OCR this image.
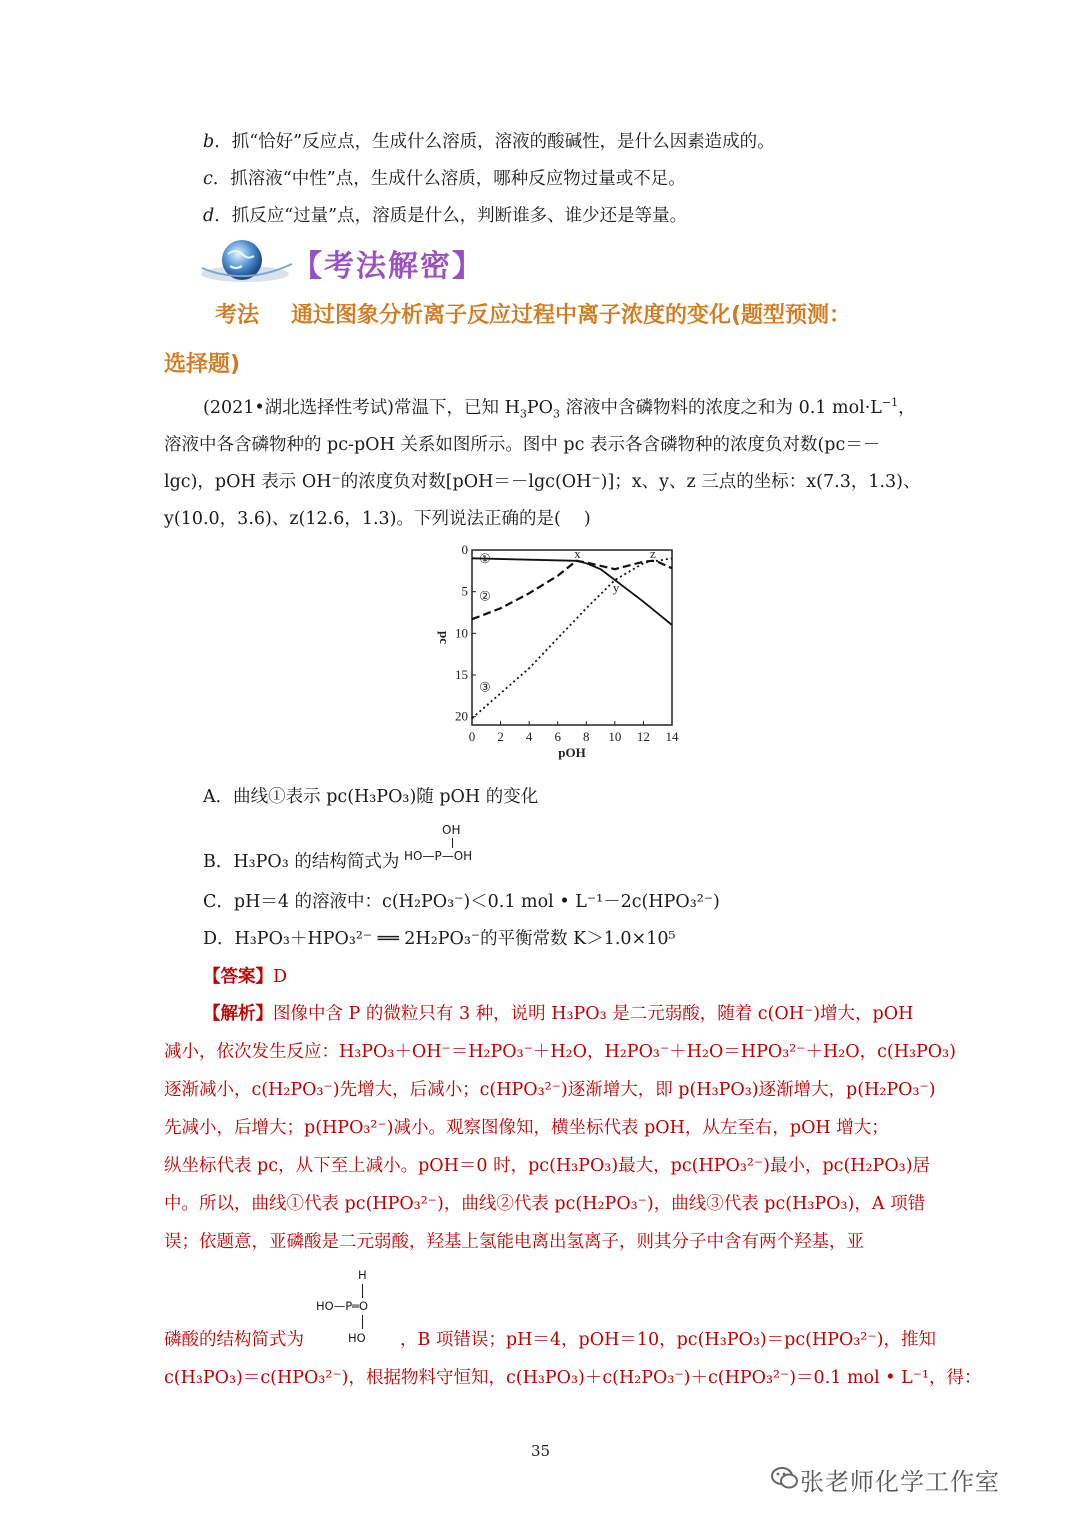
b．抓“恰好”反应点，生成什么溶质，溶液的酸碱性，是什么因素造成的。
c．抓溶液“中性”点，生成什么溶质，哪种反应物过量或不足。
d．抓反应“过量”点，溶质是什么，判断谁多、谁少还是等量。
【考法解密】
考法 通过图象分析离子反应过程中离子浓度的变化(题型预测：
选择题)
(2021•湖北选择性考试)常温下，已知 $H_3PO_3$ 溶液中含磷物料的浓度之和为 0.1 $mol\cdot L^{-1}$，
溶液中各含磷物种的 pc-pOH 关系如图所示。图中 pc 表示各含磷物种的浓度负对数(pc＝－
lgc)，pOH 表示 OH⁻的浓度负对数[pOH＝－lgc(OH⁻)]；x、y、z 三点的坐标：x(7.3，1.3)、
y(10.0，3.6)、z(12.6，1.3)。下列说法正确的是(　 )
0 2 4 6 8 10 12 14
0
5
10
15
20
pOH
pc
①
②
③
x
y
z
A．曲线①表示 pc(H₃PO₃)随 pOH 的变化
OH
B．H₃PO₃ 的结构简式为 HO—P—OH
C．pH＝4 的溶液中：c(H₂PO₃⁻)＜0.1 mol • L⁻¹－2c(HPO₃²⁻)
D．H₃PO₃＋HPO₃²⁻ ══ 2H₂PO₃⁻的平衡常数 K＞1.0×10⁵
【答案】D
【解析】图像中含 P 的微粒只有 3 种，说明 H₃PO₃ 是二元弱酸，随着 c(OH⁻)增大，pOH
减小，依次发生反应：H₃PO₃＋OH⁻＝H₂PO₃⁻＋H₂O，H₂PO₃⁻＋H₂O＝HPO₃²⁻＋H₂O，c(H₃PO₃)
逐渐减小，c(H₂PO₃⁻)先增大，后减小；c(HPO₃²⁻)逐渐增大，即 p(H₃PO₃)逐渐增大，p(H₂PO₃⁻)
先减小，后增大；p(HPO₃²⁻)减小。观察图像知，横坐标代表 pOH，从左至右，pOH 增大；
纵坐标代表 pc，从下至上减小。pOH＝0 时，pc(H₃PO₃)最大，pc(HPO₃²⁻)最小，pc(H₂PO₃)居
中。所以，曲线①代表 pc(HPO₃²⁻)，曲线②代表 pc(H₂PO₃⁻)，曲线③代表 pc(H₃PO₃)，A 项错
误；依题意，亚磷酸是二元弱酸，羟基上氢能电离出氢离子，则其分子中含有两个羟基，亚
H
HO—P═O
HO
磷酸的结构简式为	，B 项错误；pH＝4，pOH＝10，pc(H₃PO₃)＝pc(HPO₃²⁻)，推知
c(H₃PO₃)＝c(HPO₃²⁻)，根据物料守恒知，c(H₃PO₃)＋c(H₂PO₃⁻)＋c(HPO₃²⁻)＝0.1 mol • L⁻¹，得：
35
张老师化学工作室
